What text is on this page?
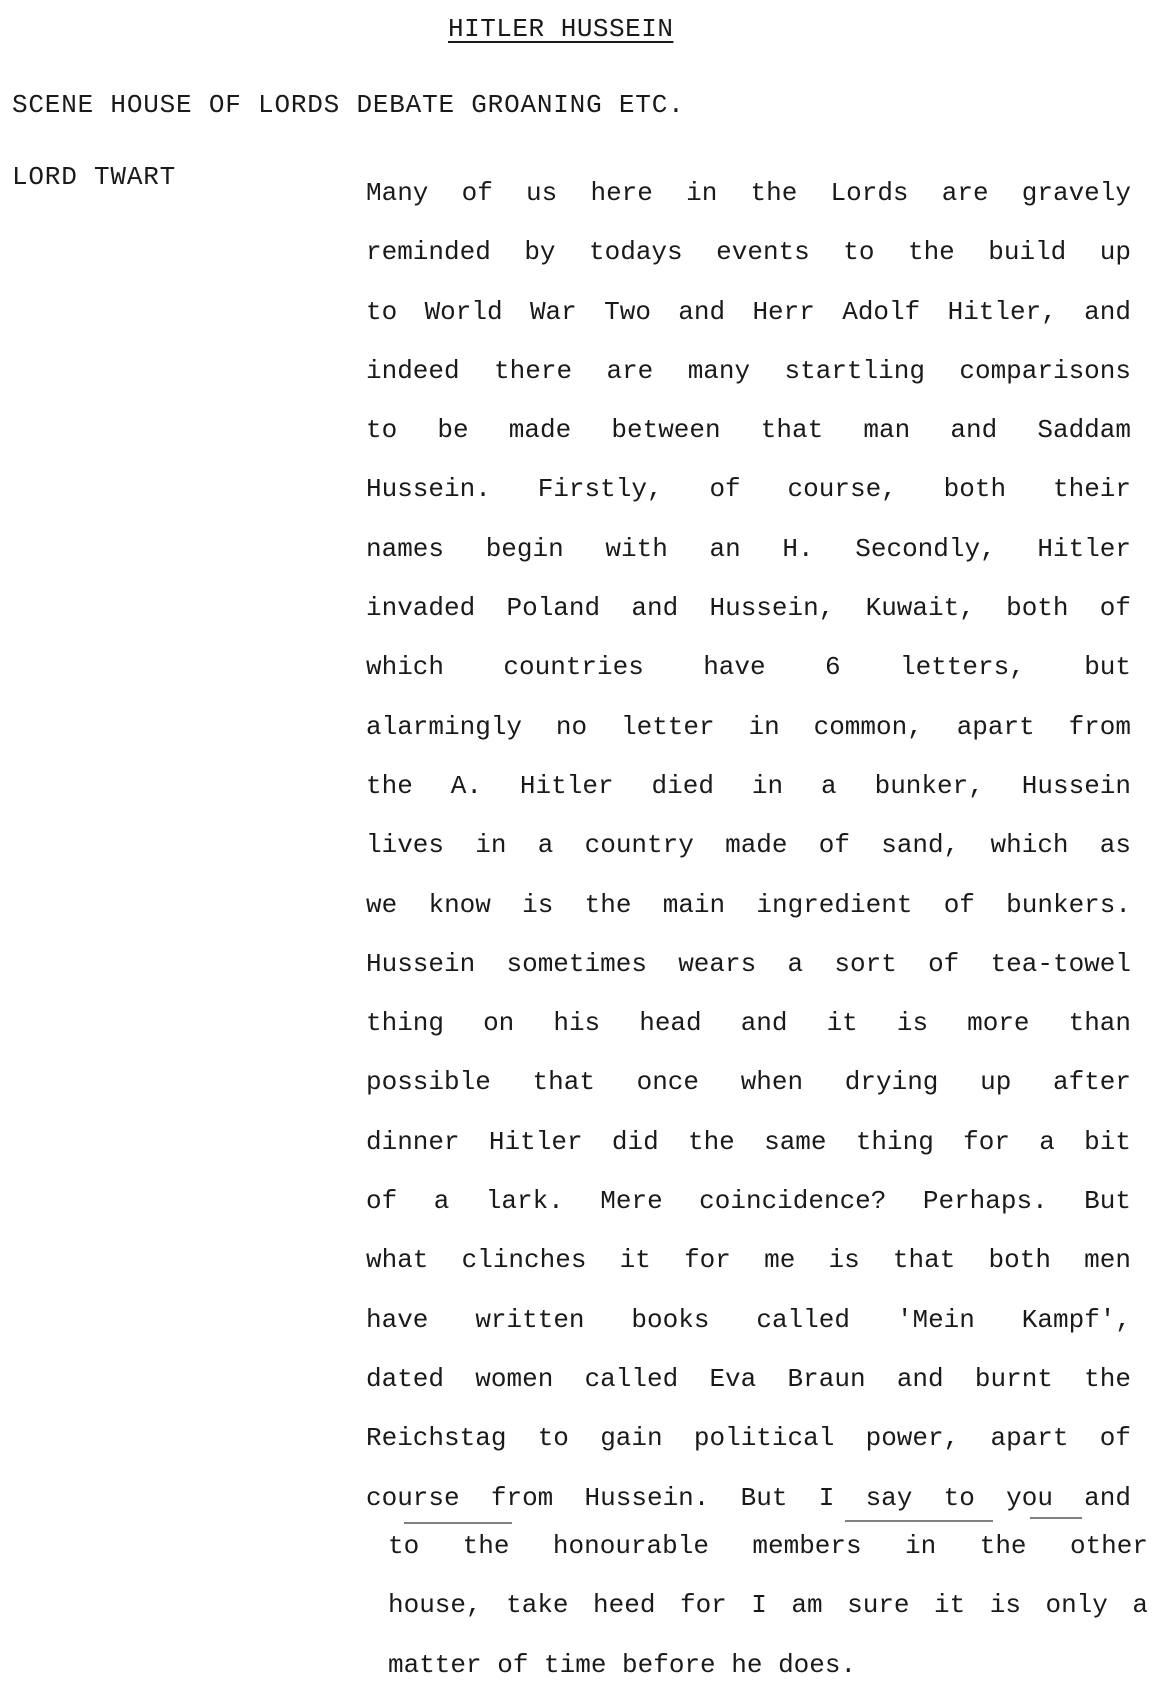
HITLER HUSSEIN
SCENE HOUSE OF LORDS DEBATE GROANING ETC.
LORD TWART
Many of us here in the Lords are gravely
reminded by todays events to the build up
to World War Two and Herr Adolf Hitler, and
indeed there are many startling comparisons
to be made between that man and Saddam
Hussein. Firstly, of course, both their
names begin with an H. Secondly, Hitler
invaded Poland and Hussein, Kuwait, both of
which countries have 6 letters, but
alarmingly no letter in common, apart from
the A. Hitler died in a bunker, Hussein
lives in a country made of sand, which as
we know is the main ingredient of bunkers.
Hussein sometimes wears a sort of tea-towel
thing on his head and it is more than
possible that once when drying up after
dinner Hitler did the same thing for a bit
of a lark. Mere coincidence? Perhaps. But
what clinches it for me is that both men
have written books called 'Mein Kampf',
dated women called Eva Braun and burnt the
Reichstag to gain political power, apart of
course from Hussein. But I say to you and
to the honourable members in the other
house, take heed for I am sure it is only a
matter of time before he does.
